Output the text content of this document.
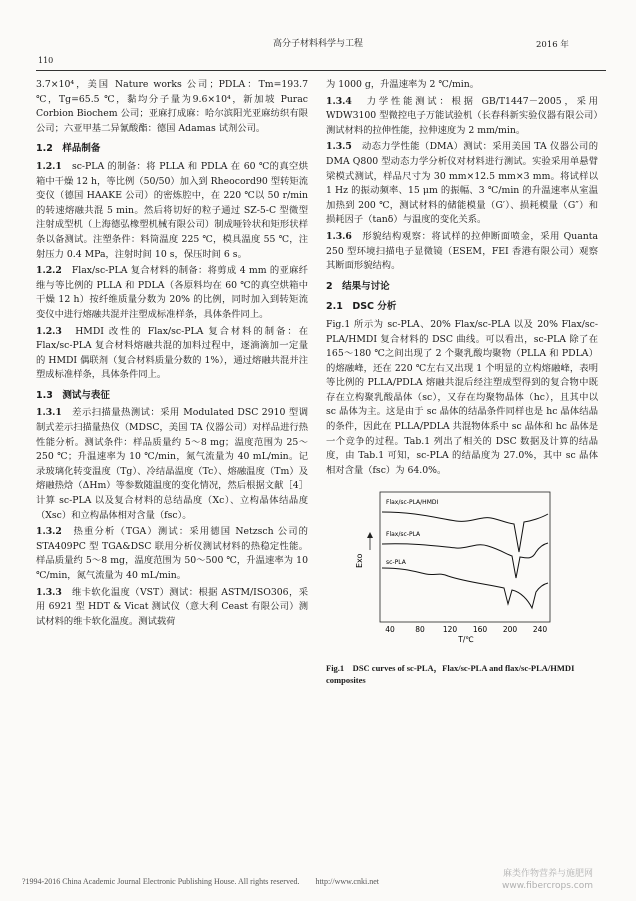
高分子材料科学与工程	2016 年
110

3.7×10⁴，美国 Nature works 公司；PDLA：Tm=193.7 ℃，Tg=65.5 ℃，黏均分子量为9.6×10⁴，新加坡 Purac Corbion Biochem 公司；亚麻打成麻：哈尔滨阳光亚麻纺织有限公司；六亚甲基二异氰酸酯：德国 Adamas 试剂公司。

1.2　样品制备

1.2.1　 sc-PLA 的制备：将 PLLA 和 PDLA 在 60 ℃的真空烘箱中干燥 12 h，等比例（50/50）加入到 Rheocord90 型转矩流变仪（德国 HAAKE 公司）的密炼腔中，在 220 ℃以 50 r/min 的转速熔融共混 5 min。然后将切好的粒子通过 SZ-5-C 型微型注射成型机（上海德弘橡塑机械有限公司）制成哑铃状和矩形状样条以备测试。注塑条件：料筒温度 225 ℃，模具温度 55 ℃，注射压力 0.4 MPa，注射时间 10 s，保压时间 6 s。

1.2.2　 Flax/sc-PLA 复合材料的制备：将剪成 4 mm 的亚麻纤维与等比例的 PLLA 和 PDLA（各原料均在 60 ℃的真空烘箱中干燥 12 h）按纤维质量分数为 20% 的比例，同时加入到转矩流变仪中进行熔融共混并注塑成标准样条，具体条件同上。

1.2.3　 HMDI 改性的 Flax/sc-PLA 复合材料的制备：在 Flax/sc-PLA 复合材料熔融共混的加料过程中，逐滴滴加一定量的 HMDI 偶联剂（复合材料质量分数的 1%），通过熔融共混并注塑成标准样条，具体条件同上。

1.3　测试与表征

1.3.1　 差示扫描量热测试：采用 Modulated DSC 2910 型调制式差示扫描量热仪（MDSC，美国 TA 仪器公司）对样品进行热性能分析。测试条件：样品质量约 5～8 mg；温度范围为 25～250 ℃；升温速率为 10 ℃/min，氮气流量为 40 mL/min。记录玻璃化转变温度（Tg）、冷结晶温度（Tc）、熔融温度（Tm）及熔融热焓（ΔHm）等参数随温度的变化情况，然后根据文献［4］计算 sc-PLA 以及复合材料的总结晶度（Xc）、立构晶体结晶度（Xsc）和立构晶体相对含量（fsc）。

1.3.2　 热重分析（TGA）测试：采用德国 Netzsch 公司的 STA409PC 型 TGA&DSC 联用分析仪测试材料的热稳定性能。样品质量约 5～8 mg，温度范围为 50～500 ℃，升温速率为 10 ℃/min，氮气流量为 40 mL/min。

1.3.3　 维卡软化温度（VST）测试：根据 ASTM/ISO306，采用 6921 型 HDT & Vicat 测试仪（意大利 Ceast 有限公司）测试材料的维卡软化温度。测试载荷

为 1000 g，升温速率为 2 ℃/min。

1.3.4　 力学性能测试：根据 GB/T1447－2005，采用 WDW3100 型微控电子万能试验机（长春科新实验仪器有限公司）测试材料的拉伸性能，拉伸速度为 2 mm/min。

1.3.5　 动态力学性能（DMA）测试：采用美国 TA 仪器公司的 DMA Q800 型动态力学分析仪对材料进行测试。实验采用单悬臂梁模式测试，样品尺寸为 30 mm×12.5 mm×3 mm。将试样以 1 Hz 的振动频率、15 μm 的振幅、3 ℃/min 的升温速率从室温加热到 200 ℃，测试材料的储能模量（G′）、损耗模量（G″）和损耗因子（tanδ）与温度的变化关系。

1.3.6　 形貌结构观察：将试样的拉伸断面喷金，采用 Quanta 250 型环境扫描电子显微镜（ESEM，FEI 香港有限公司）观察其断面形貌结构。

2　结果与讨论
2.1　DSC 分析

Fig.1 所示为 sc-PLA、20% Flax/sc-PLA 以及 20% Flax/sc-PLA/HMDI 复合材料的 DSC 曲线。可以看出，sc-PLA 除了在 165～180 ℃之间出现了 2 个聚乳酸均聚物（PLLA 和 PDLA）的熔融峰，还在 220 ℃左右又出现 1 个明显的立构熔融峰，表明等比例的 PLLA/PDLA 熔融共混后经注塑成型得到的复合物中既存在立构聚乳酸晶体（sc），又存在均聚物晶体（hc），且其中以 sc 晶体为主。这是由于 sc 晶体的结晶条件同样也是 hc 晶体结晶的条件，因此在 PLLA/PDLA 共混物体系中 sc 晶体和 hc 晶体是一个竞争的过程。Tab.1 列出了相关的 DSC 数据及计算的结晶度，由 Tab.1 可知，sc-PLA 的结晶度为 27.0%，其中 sc 晶体相对含量（fsc）为 64.0%。

Exo
Flax/sc-PLA/HMDI
Flax/sc-PLA
sc-PLA
40	80 120 160 200 240
T/℃
Fig.1　DSC curves of sc-PLA，Flax/sc-PLA and flax/sc-PLA/HMDI composites
?1994-2016 China Academic Journal Electronic Publishing House. All rights reserved.　　http://www.cnki.net
麻类作物营养与施肥网
www.fibercrops.com
